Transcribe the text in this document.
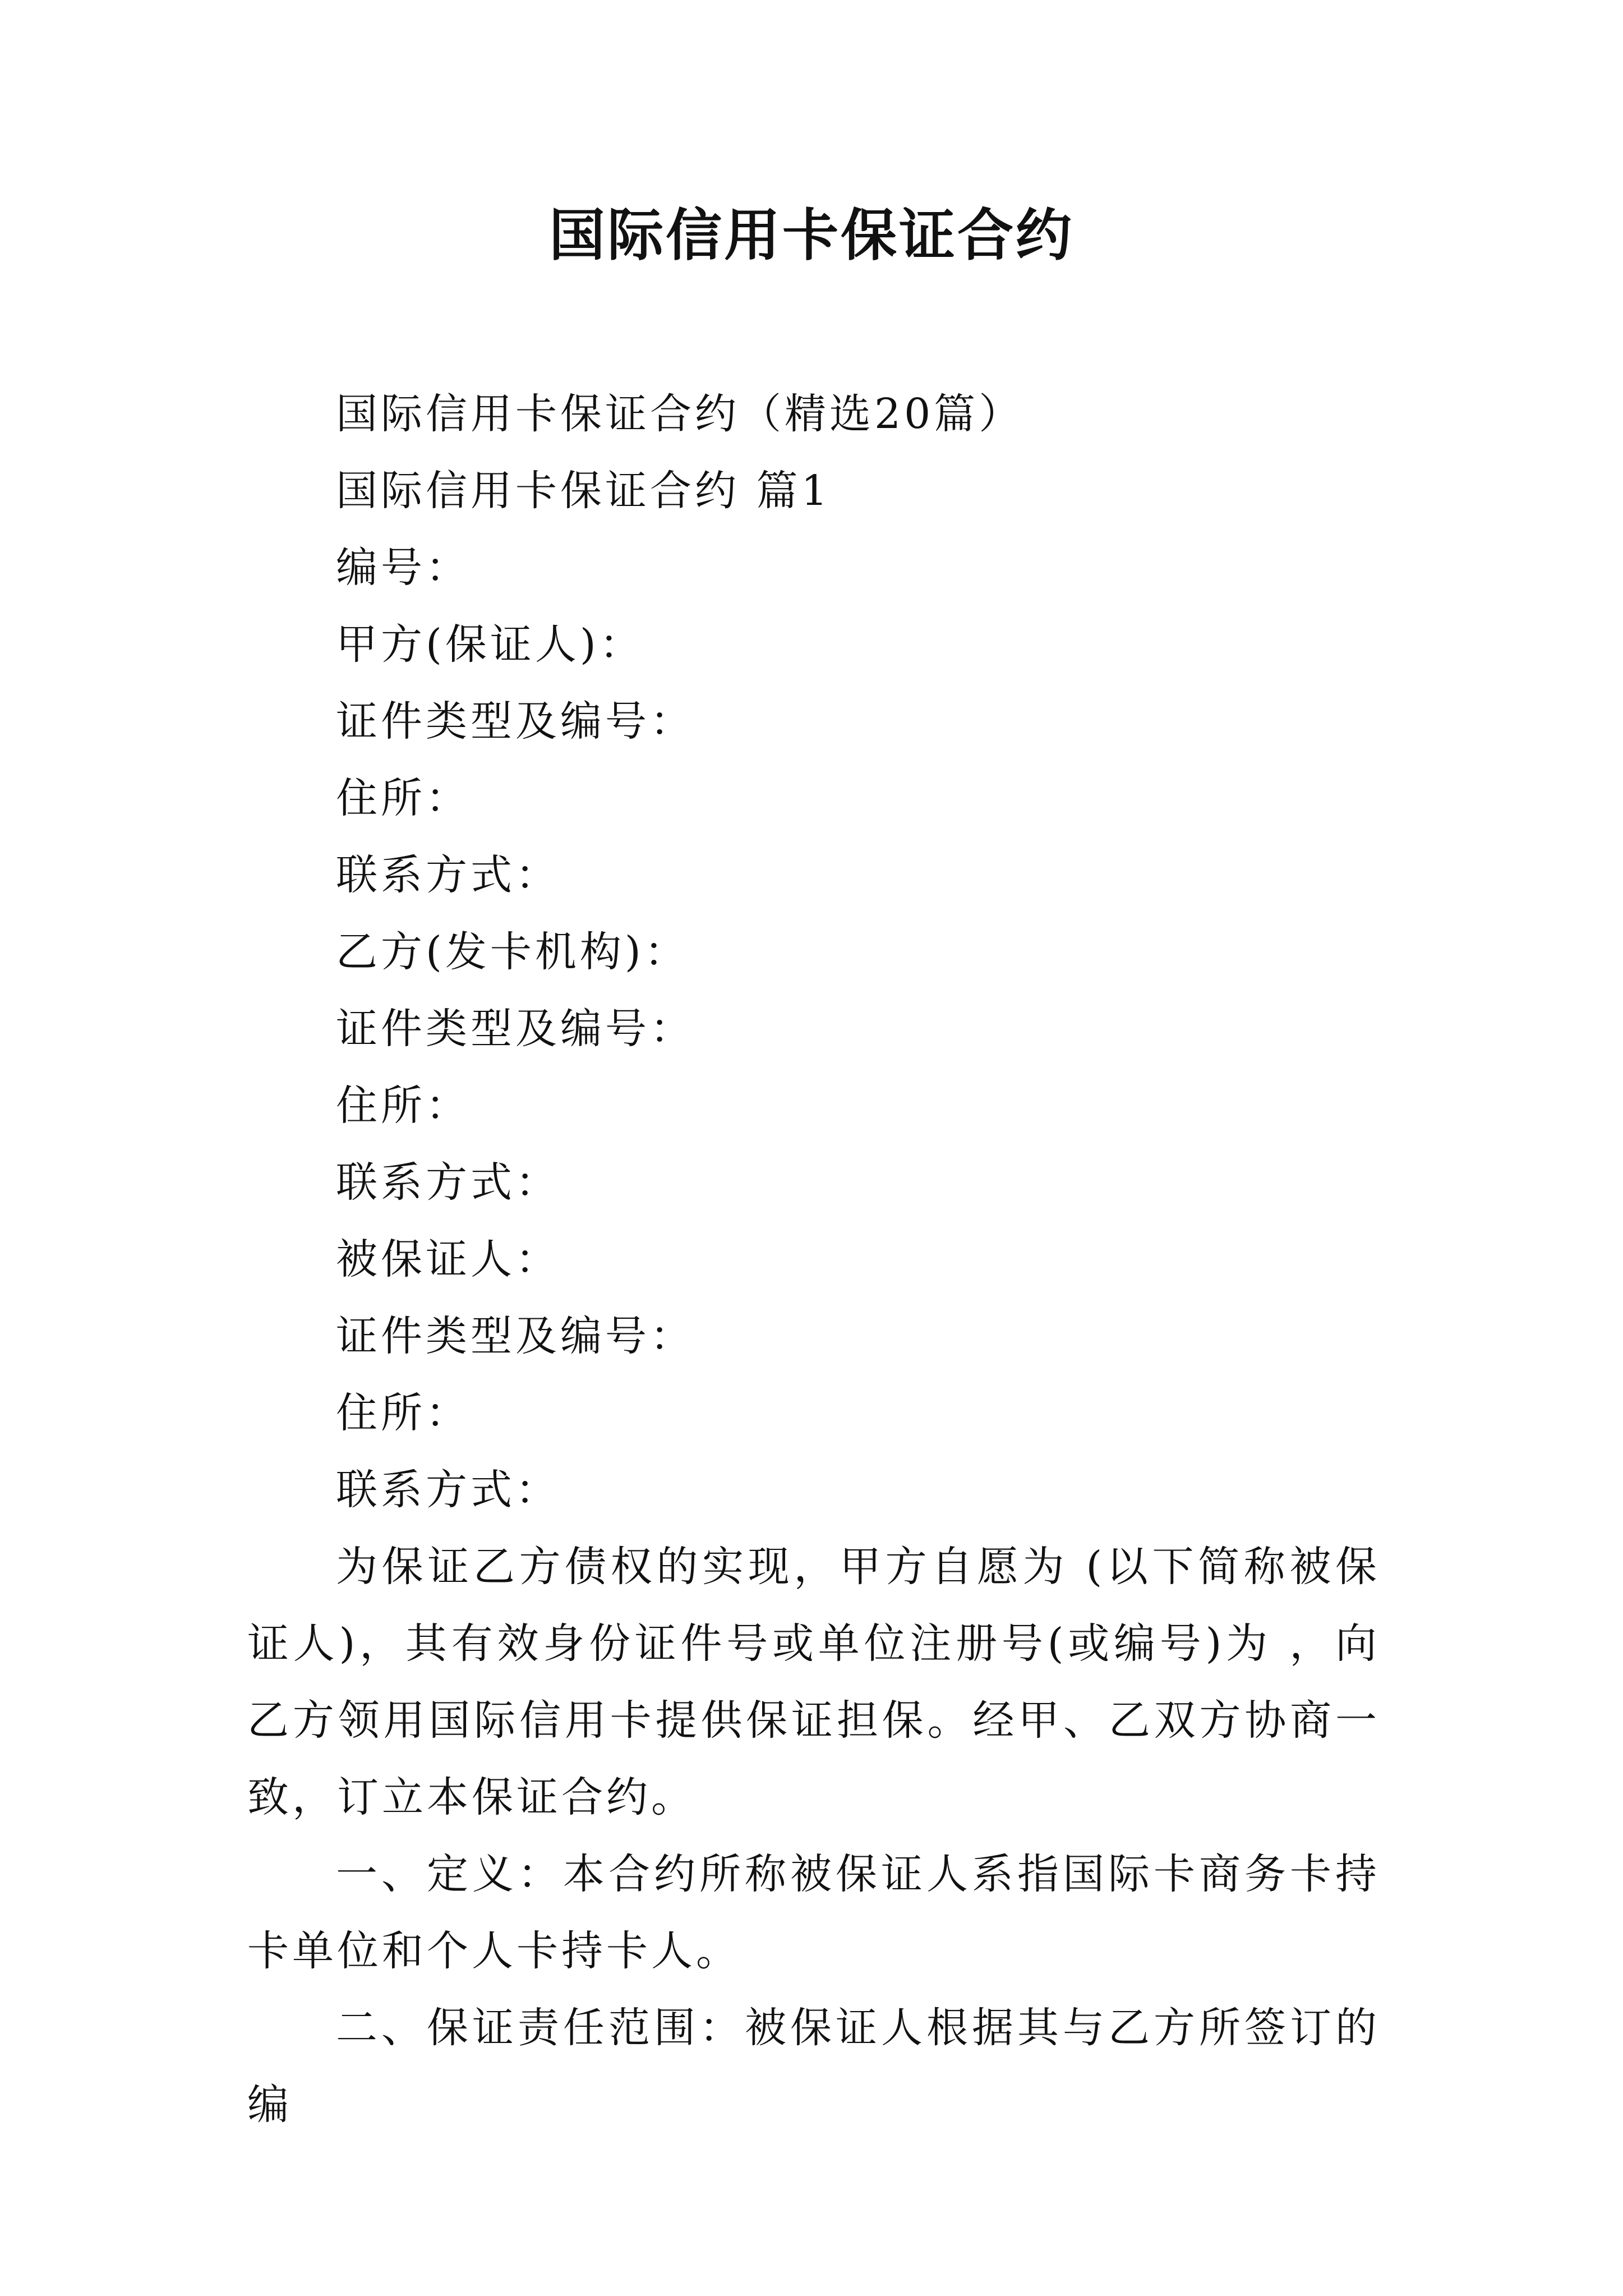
国际信用卡保证合约
国际信用卡保证合约（精选20篇）
国际信用卡保证合约 篇1
编号：
甲方(保证人)：
证件类型及编号：
住所：
联系方式：
乙方(发卡机构)：
证件类型及编号：
住所：
联系方式：
被保证人：
证件类型及编号：
住所：
联系方式：

为保证乙方债权的实现，甲方自愿为 (以下简称被保证人)，其有效身份证件号或单位注册号(或编号)为 ，向乙方领用国际信用卡提供保证担保。经甲、乙双方协商一致，订立本保证合约。

一、定义：本合约所称被保证人系指国际卡商务卡持卡单位和个人卡持卡人。

二、保证责任范围：被保证人根据其与乙方所签订的编
